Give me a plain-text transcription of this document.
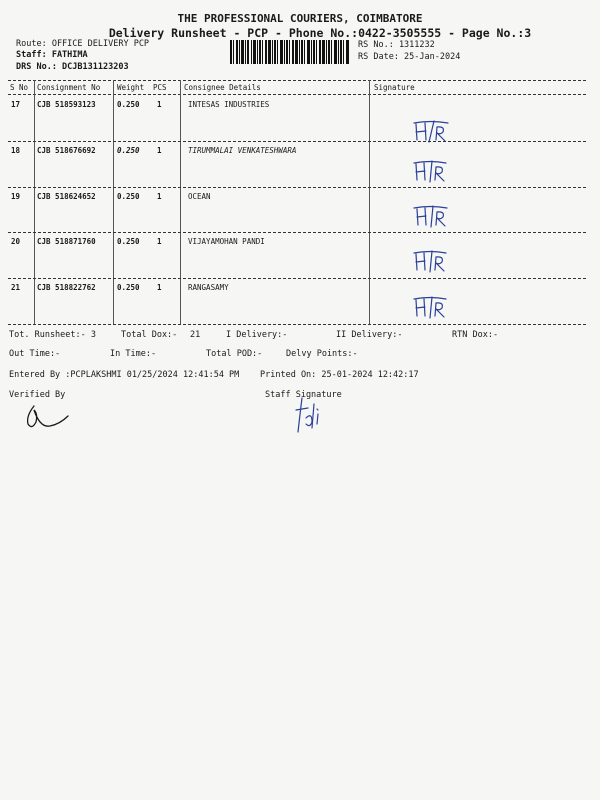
THE PROFESSIONAL COURIERS, COIMBATORE
Delivery Runsheet - PCP - Phone No.:0422-3505555 - Page No.:3
Route: OFFICE DELIVERY PCP
Staff: FATHIMA
DRS No.: DCJB131123203
RS No.: 1311232
RS Date: 25-Jan-2024
S No Consignment No Weight PCS Consignee Details	Signature
17 CJB 518593123	0.250 1	INTESAS INDUSTRIES
18 CJB 518676692	0.250 1	TIRUMMALAI VENKATESHWARA
19 CJB 518624652	0.250 1	OCEAN
20 CJB 518871760	0.250 1	VIJAYAMOHAN PANDI
21 CJB 518822762	0.250 1	RANGASAMY
Tot. Runsheet:- 3	Total Dox:- 21	I Delivery:-	II Delivery:-	RTN Dox:-
Out Time:-	In Time:-	Total POD:-	Delvy Points:-
Entered By :PCPLAKSHMI 01/25/2024 12:41:54 PM Printed On: 25-01-2024 12:42:17
Verified By	Staff Signature
